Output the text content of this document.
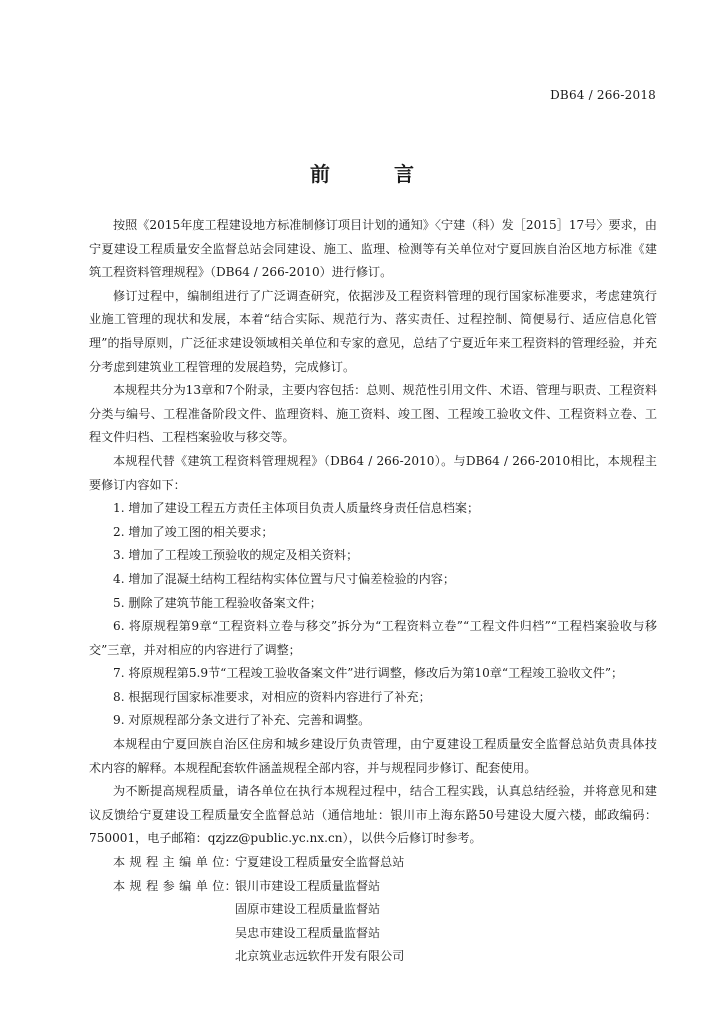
DB64 / 266-2018
前　言

按照《2015年度工程建设地方标准制修订项目计划的通知》〈宁建（科）发［2015］17号〉要求，由宁夏建设工程质量安全监督总站会同建设、施工、监理、检测等有关单位对宁夏回族自治区地方标准《建筑工程资料管理规程》（DB64 / 266-2010）进行修订。

修订过程中，编制组进行了广泛调查研究，依据涉及工程资料管理的现行国家标准要求，考虑建筑行业施工管理的现状和发展，本着“结合实际、规范行为、落实责任、过程控制、简便易行、适应信息化管理”的指导原则，广泛征求建设领域相关单位和专家的意见，总结了宁夏近年来工程资料的管理经验，并充分考虑到建筑业工程管理的发展趋势，完成修订。

本规程共分为13章和7个附录，主要内容包括：总则、规范性引用文件、术语、管理与职责、工程资料分类与编号、工程准备阶段文件、监理资料、施工资料、竣工图、工程竣工验收文件、工程资料立卷、工程文件归档、工程档案验收与移交等。

本规程代替《建筑工程资料管理规程》（DB64 / 266-2010）。与DB64 / 266-2010相比，本规程主要修订内容如下：

1. 增加了建设工程五方责任主体项目负责人质量终身责任信息档案；

2. 增加了竣工图的相关要求；

3. 增加了工程竣工预验收的规定及相关资料；

4. 增加了混凝土结构工程结构实体位置与尺寸偏差检验的内容；

5. 删除了建筑节能工程验收备案文件；

6. 将原规程第9章“工程资料立卷与移交”拆分为“工程资料立卷”“工程文件归档”“工程档案验收与移交”三章，并对相应的内容进行了调整；

7. 将原规程第5.9节“工程竣工验收备案文件”进行调整，修改后为第10章“工程竣工验收文件”；

8. 根据现行国家标准要求，对相应的资料内容进行了补充；

9. 对原规程部分条文进行了补充、完善和调整。

本规程由宁夏回族自治区住房和城乡建设厅负责管理，由宁夏建设工程质量安全监督总站负责具体技术内容的解释。本规程配套软件涵盖规程全部内容，并与规程同步修订、配套使用。

为不断提高规程质量，请各单位在执行本规程过程中，结合工程实践，认真总结经验，并将意见和建议反馈给宁夏建设工程质量安全监督总站（通信地址：银川市上海东路50号建设大厦六楼，邮政编码：750001，电子邮箱：qzjzz@public.yc.nx.cn），以供今后修订时参考。

本 规 程 主 编 单 位：
宁夏建设工程质量安全监督总站
本 规 程 参 编 单 位：
银川市建设工程质量监督站
固原市建设工程质量监督站
吴忠市建设工程质量监督站
北京筑业志远软件开发有限公司
